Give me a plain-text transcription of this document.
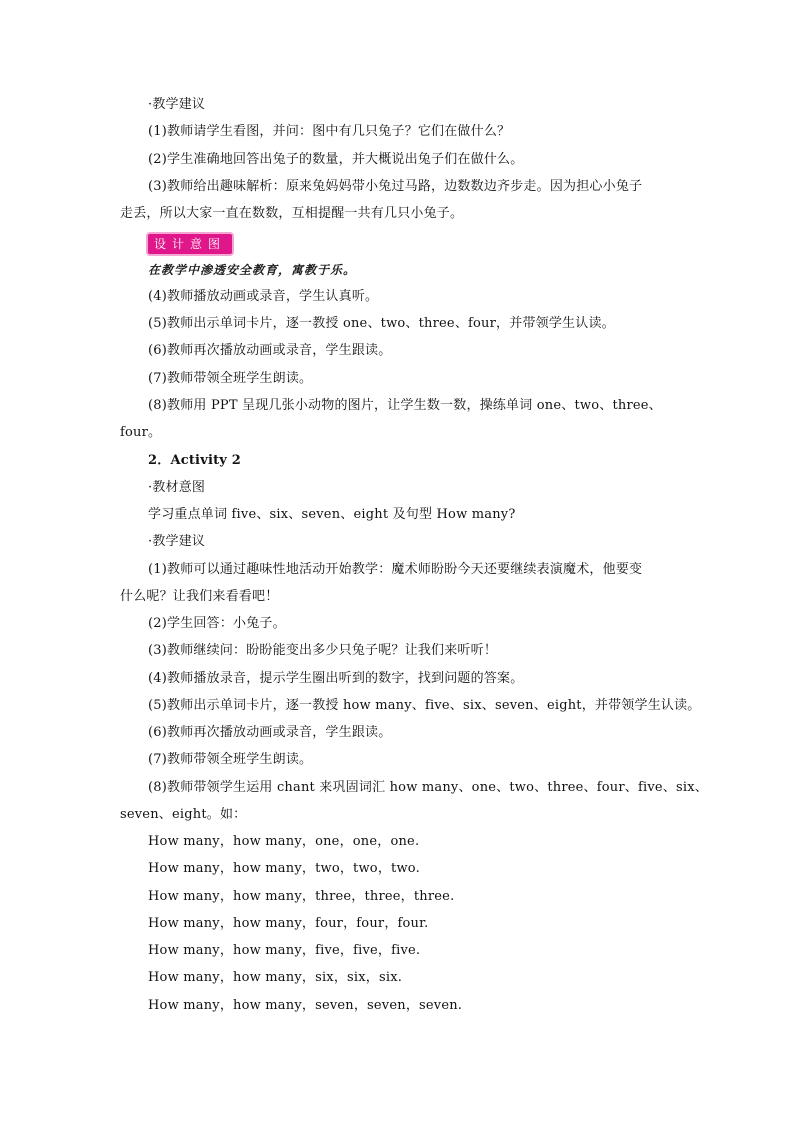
·教学建议
(1)教师请学生看图，并问：图中有几只兔子？它们在做什么？
(2)学生准确地回答出兔子的数量，并大概说出兔子们在做什么。
(3)教师给出趣味解析：原来兔妈妈带小兔过马路，边数数边齐步走。因为担心小兔子
走丢，所以大家一直在数数，互相提醒一共有几只小兔子。
设计意图
在教学中渗透安全教育，寓教于乐。
(4)教师播放动画或录音，学生认真听。
(5)教师出示单词卡片，逐一教授 one、two、three、four，并带领学生认读。
(6)教师再次播放动画或录音，学生跟读。
(7)教师带领全班学生朗读。
(8)教师用 PPT 呈现几张小动物的图片，让学生数一数，操练单词 one、two、three、
four。
2．Activity 2
·教材意图
学习重点单词 five、six、seven、eight 及句型 How many?
·教学建议
(1)教师可以通过趣味性地活动开始教学：魔术师盼盼今天还要继续表演魔术，他要变
什么呢？让我们来看看吧！
(2)学生回答：小兔子。
(3)教师继续问：盼盼能变出多少只兔子呢？让我们来听听！
(4)教师播放录音，提示学生圈出听到的数字，找到问题的答案。
(5)教师出示单词卡片，逐一教授 how many、five、six、seven、eight，并带领学生认读。
(6)教师再次播放动画或录音，学生跟读。
(7)教师带领全班学生朗读。
(8)教师带领学生运用 chant 来巩固词汇 how many、one、two、three、four、five、six、
seven、eight。如：
How many，how many，one，one，one.
How many，how many，two，two，two.
How many，how many，three，three，three.
How many，how many，four，four，four.
How many，how many，five，five，five.
How many，how many，six，six，six.
How many，how many，seven，seven，seven.
